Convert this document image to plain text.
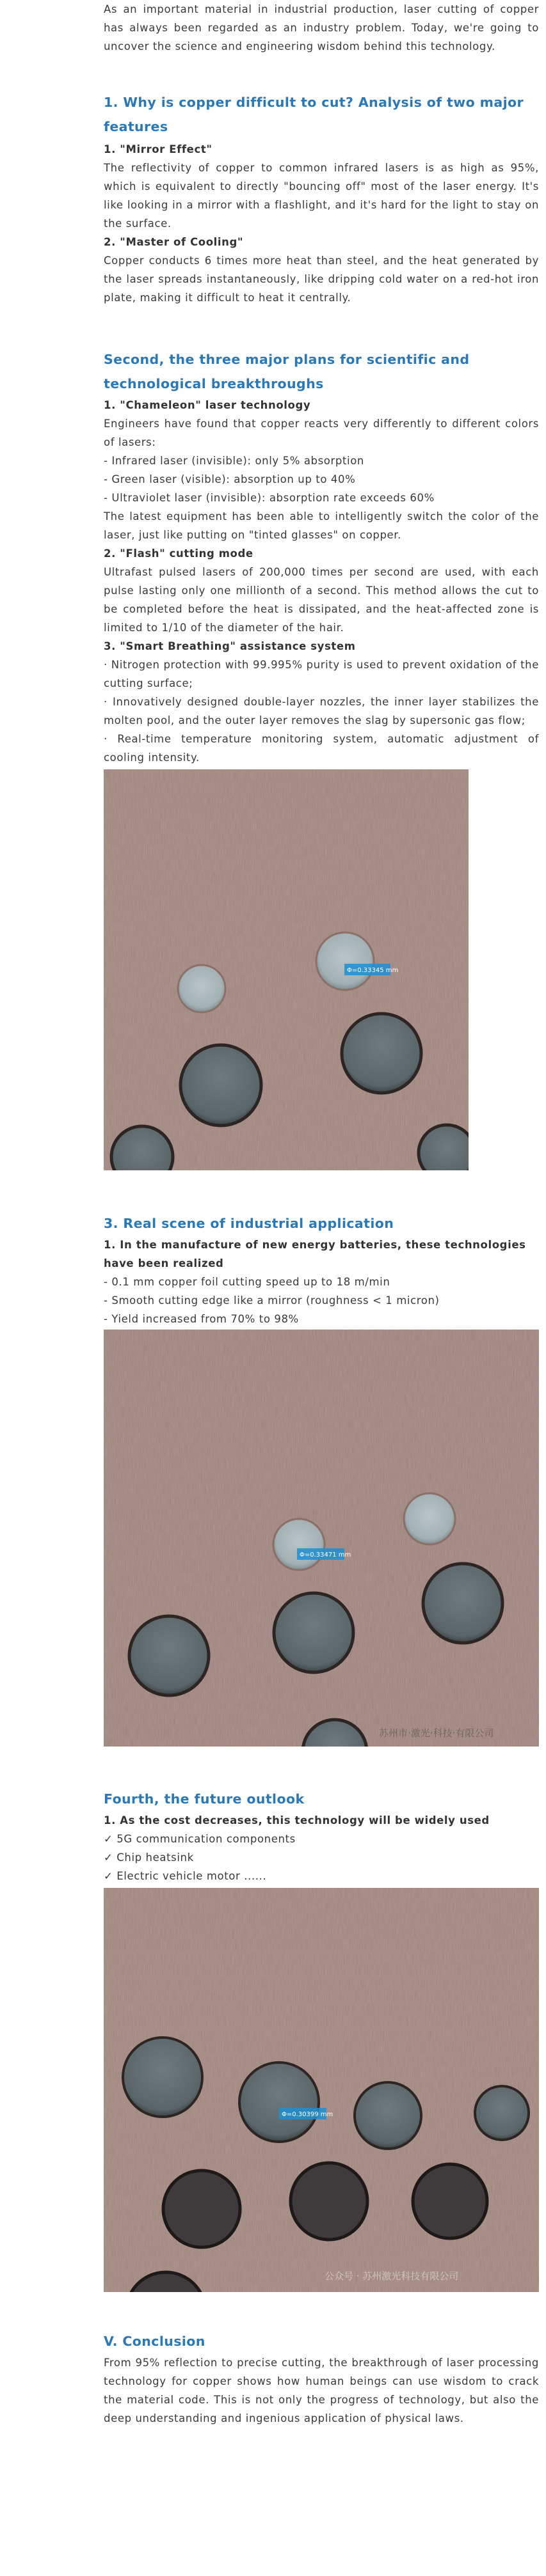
As an important material in industrial production, laser cutting of copper has always been regarded as an industry problem. Today, we're going to uncover the science and engineering wisdom behind this technology.

1. Why is copper difficult to cut? Analysis of two major features

1. "Mirror Effect"

The reflectivity of copper to common infrared lasers is as high as 95%, which is equivalent to directly "bouncing off" most of the laser energy. It's like looking in a mirror with a flashlight, and it's hard for the light to stay on the surface.

2. "Master of Cooling"

Copper conducts 6 times more heat than steel, and the heat generated by the laser spreads instantaneously, like dripping cold water on a red-hot iron plate, making it difficult to heat it centrally.

Second, the three major plans for scientific and technological breakthroughs

1. "Chameleon" laser technology

Engineers have found that copper reacts very differently to different colors of lasers:

- Infrared laser (invisible): only 5% absorption

- Green laser (visible): absorption up to 40%

- Ultraviolet laser (invisible): absorption rate exceeds 60%

The latest equipment has been able to intelligently switch the color of the laser, just like putting on "tinted glasses" on copper.

2. "Flash" cutting mode

Ultrafast pulsed lasers of 200,000 times per second are used, with each pulse lasting only one millionth of a second. This method allows the cut to be completed before the heat is dissipated, and the heat-affected zone is limited to 1/10 of the diameter of the hair.

3. "Smart Breathing" assistance system

· Nitrogen protection with 99.995% purity is used to prevent oxidation of the cutting surface;

· Innovatively designed double-layer nozzles, the inner layer stabilizes the molten pool, and the outer layer removes the slag by supersonic gas flow;

· Real-time temperature monitoring system, automatic adjustment of cooling intensity.

Φ=0.33345 mm
3. Real scene of industrial application

1. In the manufacture of new energy batteries, these technologies have been realized

- 0.1 mm copper foil cutting speed up to 18 m/min

- Smooth cutting edge like a mirror (roughness < 1 micron)

- Yield increased from 70% to 98%

Φ=0.33471 mm
苏州市·激光·科技·有限公司
Fourth, the future outlook

1. As the cost decreases, this technology will be widely used

✓ 5G communication components

✓ Chip heatsink

✓ Electric vehicle motor ......

Φ=0.30399 mm
公众号 · 苏州激光科技有限公司
V. Conclusion

From 95% reflection to precise cutting, the breakthrough of laser processing technology for copper shows how human beings can use wisdom to crack the material code. This is not only the progress of technology, but also the deep understanding and ingenious application of physical laws.
